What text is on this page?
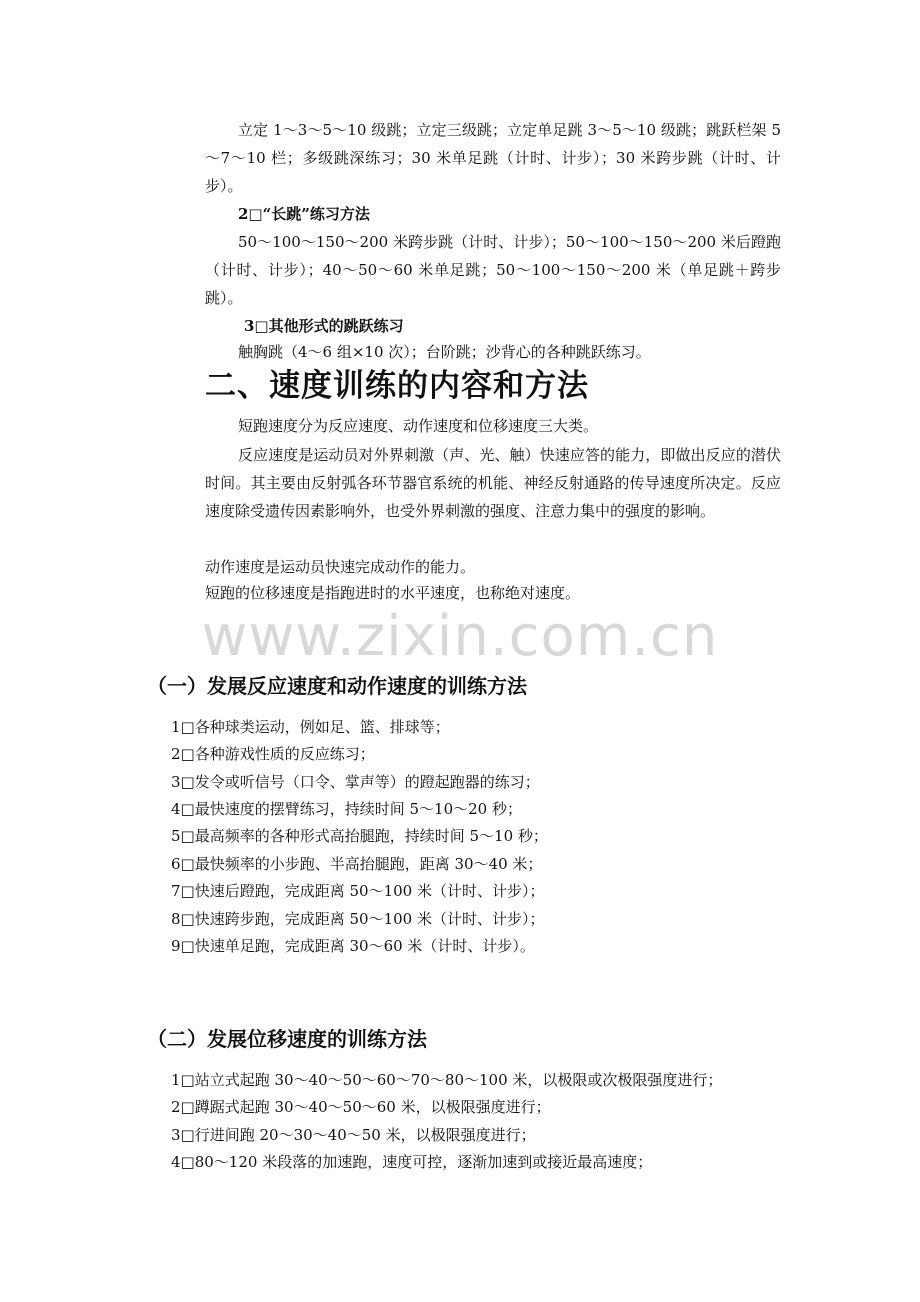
立定 1～3～5～10 级跳；立定三级跳；立定单足跳 3～5～10 级跳；跳跃栏架 5～7～10 栏；多级跳深练习；30 米单足跳（计时、计步）；30 米跨步跳（计时、计步）。

2□“长跳”练习方法

50～100～150～200 米跨步跳（计时、计步）；50～100～150～200 米后蹬跑（计时、计步）；40～50～60 米单足跳；50～100～150～200 米（单足跳＋跨步跳）。

3□其他形式的跳跃练习
触胸跳（4～6 组×10 次）；台阶跳；沙背心的各种跳跃练习。
二、速度训练的内容和方法
短跑速度分为反应速度、动作速度和位移速度三大类。

反应速度是运动员对外界刺激（声、光、触）快速应答的能力，即做出反应的潜伏时间。其主要由反射弧各环节器官系统的机能、神经反射通路的传导速度所决定。反应速度除受遗传因素影响外，也受外界刺激的强度、注意力集中的强度的影响。

动作速度是运动员快速完成动作的能力。
短跑的位移速度是指跑进时的水平速度，也称绝对速度。
www.zixin.com.cn
（一）发展反应速度和动作速度的训练方法
1□各种球类运动，例如足、篮、排球等；
2□各种游戏性质的反应练习；
3□发令或听信号（口令、掌声等）的蹬起跑器的练习；
4□最快速度的摆臂练习，持续时间 5～10～20 秒；
5□最高频率的各种形式高抬腿跑，持续时间 5～10 秒；
6□最快频率的小步跑、半高抬腿跑，距离 30～40 米；
7□快速后蹬跑，完成距离 50～100 米（计时、计步）；
8□快速跨步跑，完成距离 50～100 米（计时、计步）；
9□快速单足跑，完成距离 30～60 米（计时、计步）。
（二）发展位移速度的训练方法
1□站立式起跑 30～40～50～60～70～80～100 米，以极限或次极限强度进行；
2□蹲踞式起跑 30～40～50～60 米，以极限强度进行；
3□行进间跑 20～30～40～50 米，以极限强度进行；
4□80～120 米段落的加速跑，速度可控，逐渐加速到或接近最高速度；
